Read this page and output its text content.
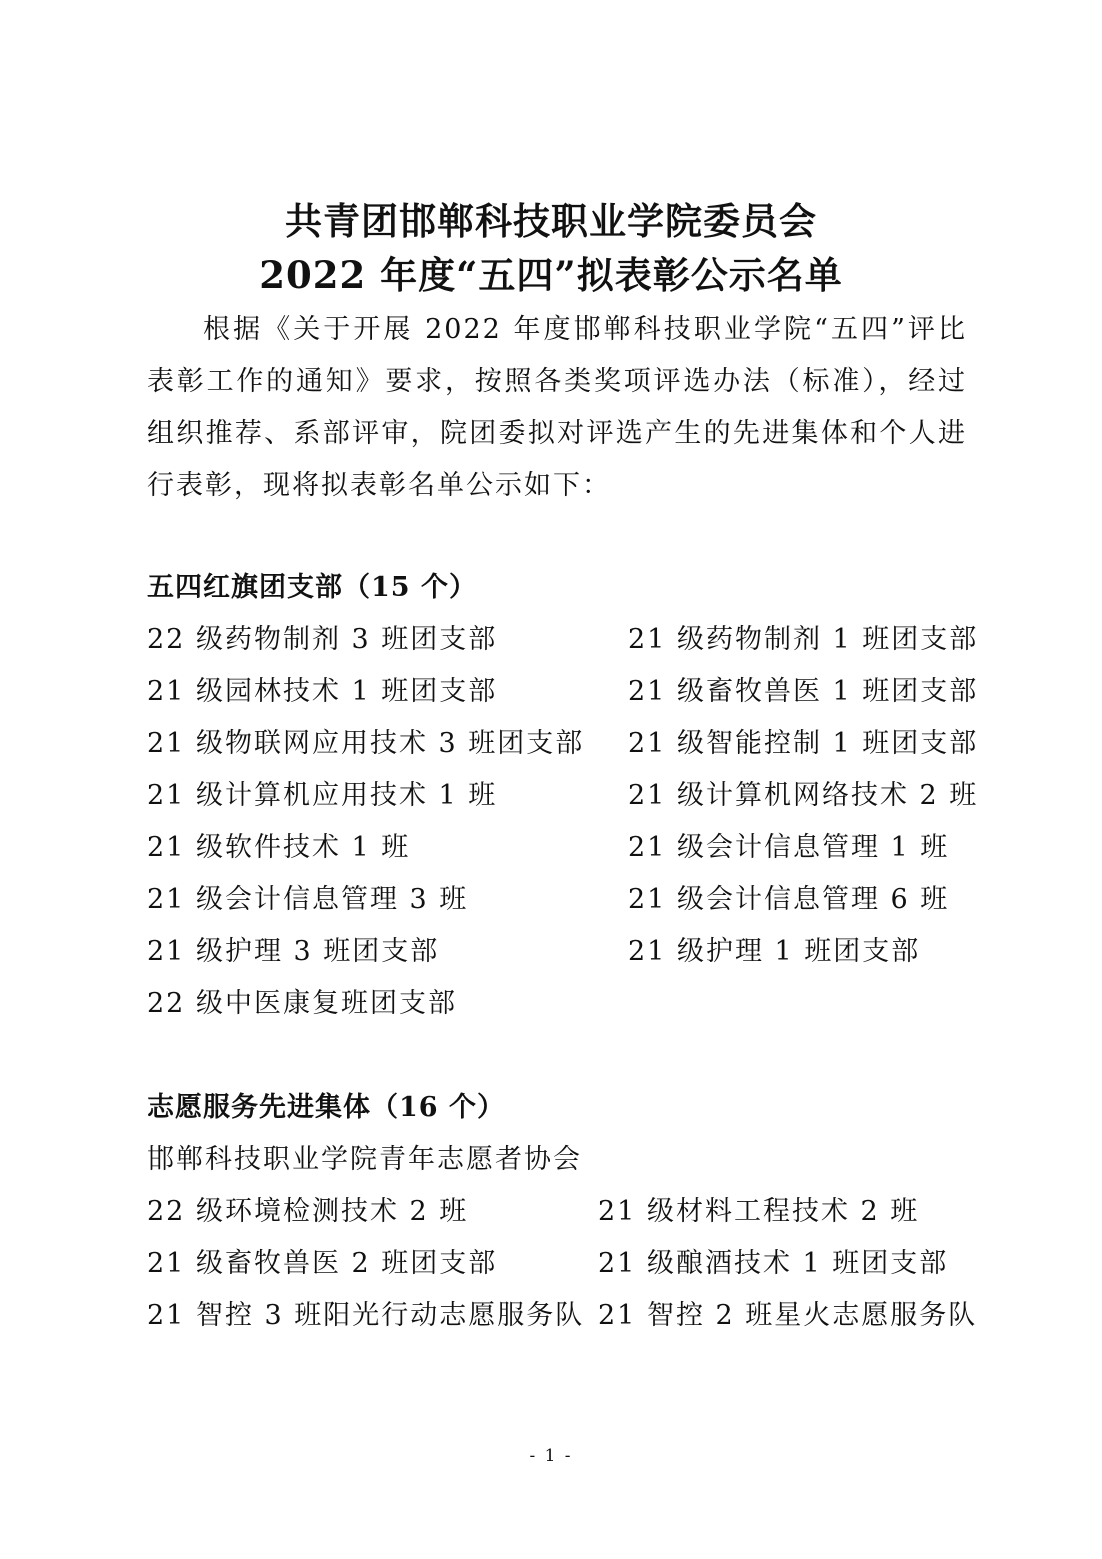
共青团邯郸科技职业学院委员会
2022 年度“五四”拟表彰公示名单

根据《关于开展 2022 年度邯郸科技职业学院“五四”评比表彰工作的通知》要求，按照各类奖项评选办法（标准），经过组织推荐、系部评审，院团委拟对评选产生的先进集体和个人进行表彰，现将拟表彰名单公示如下：

五四红旗团支部（15 个）
22 级药物制剂 3 班团支部	21 级药物制剂 1 班团支部
21 级园林技术 1 班团支部	21 级畜牧兽医 1 班团支部
21 级物联网应用技术 3 班团支部 21 级智能控制 1 班团支部
21 级计算机应用技术 1 班	21 级计算机网络技术 2 班
21 级软件技术 1 班	21 级会计信息管理 1 班
21 级会计信息管理 3 班	21 级会计信息管理 6 班
21 级护理 3 班团支部	21 级护理 1 班团支部
22 级中医康复班团支部
志愿服务先进集体（16 个）
邯郸科技职业学院青年志愿者协会
22 级环境检测技术 2 班	21 级材料工程技术 2 班
21 级畜牧兽医 2 班团支部	21 级酿酒技术 1 班团支部
21 智控 3 班阳光行动志愿服务队 21 智控 2 班星火志愿服务队
- 1 -
